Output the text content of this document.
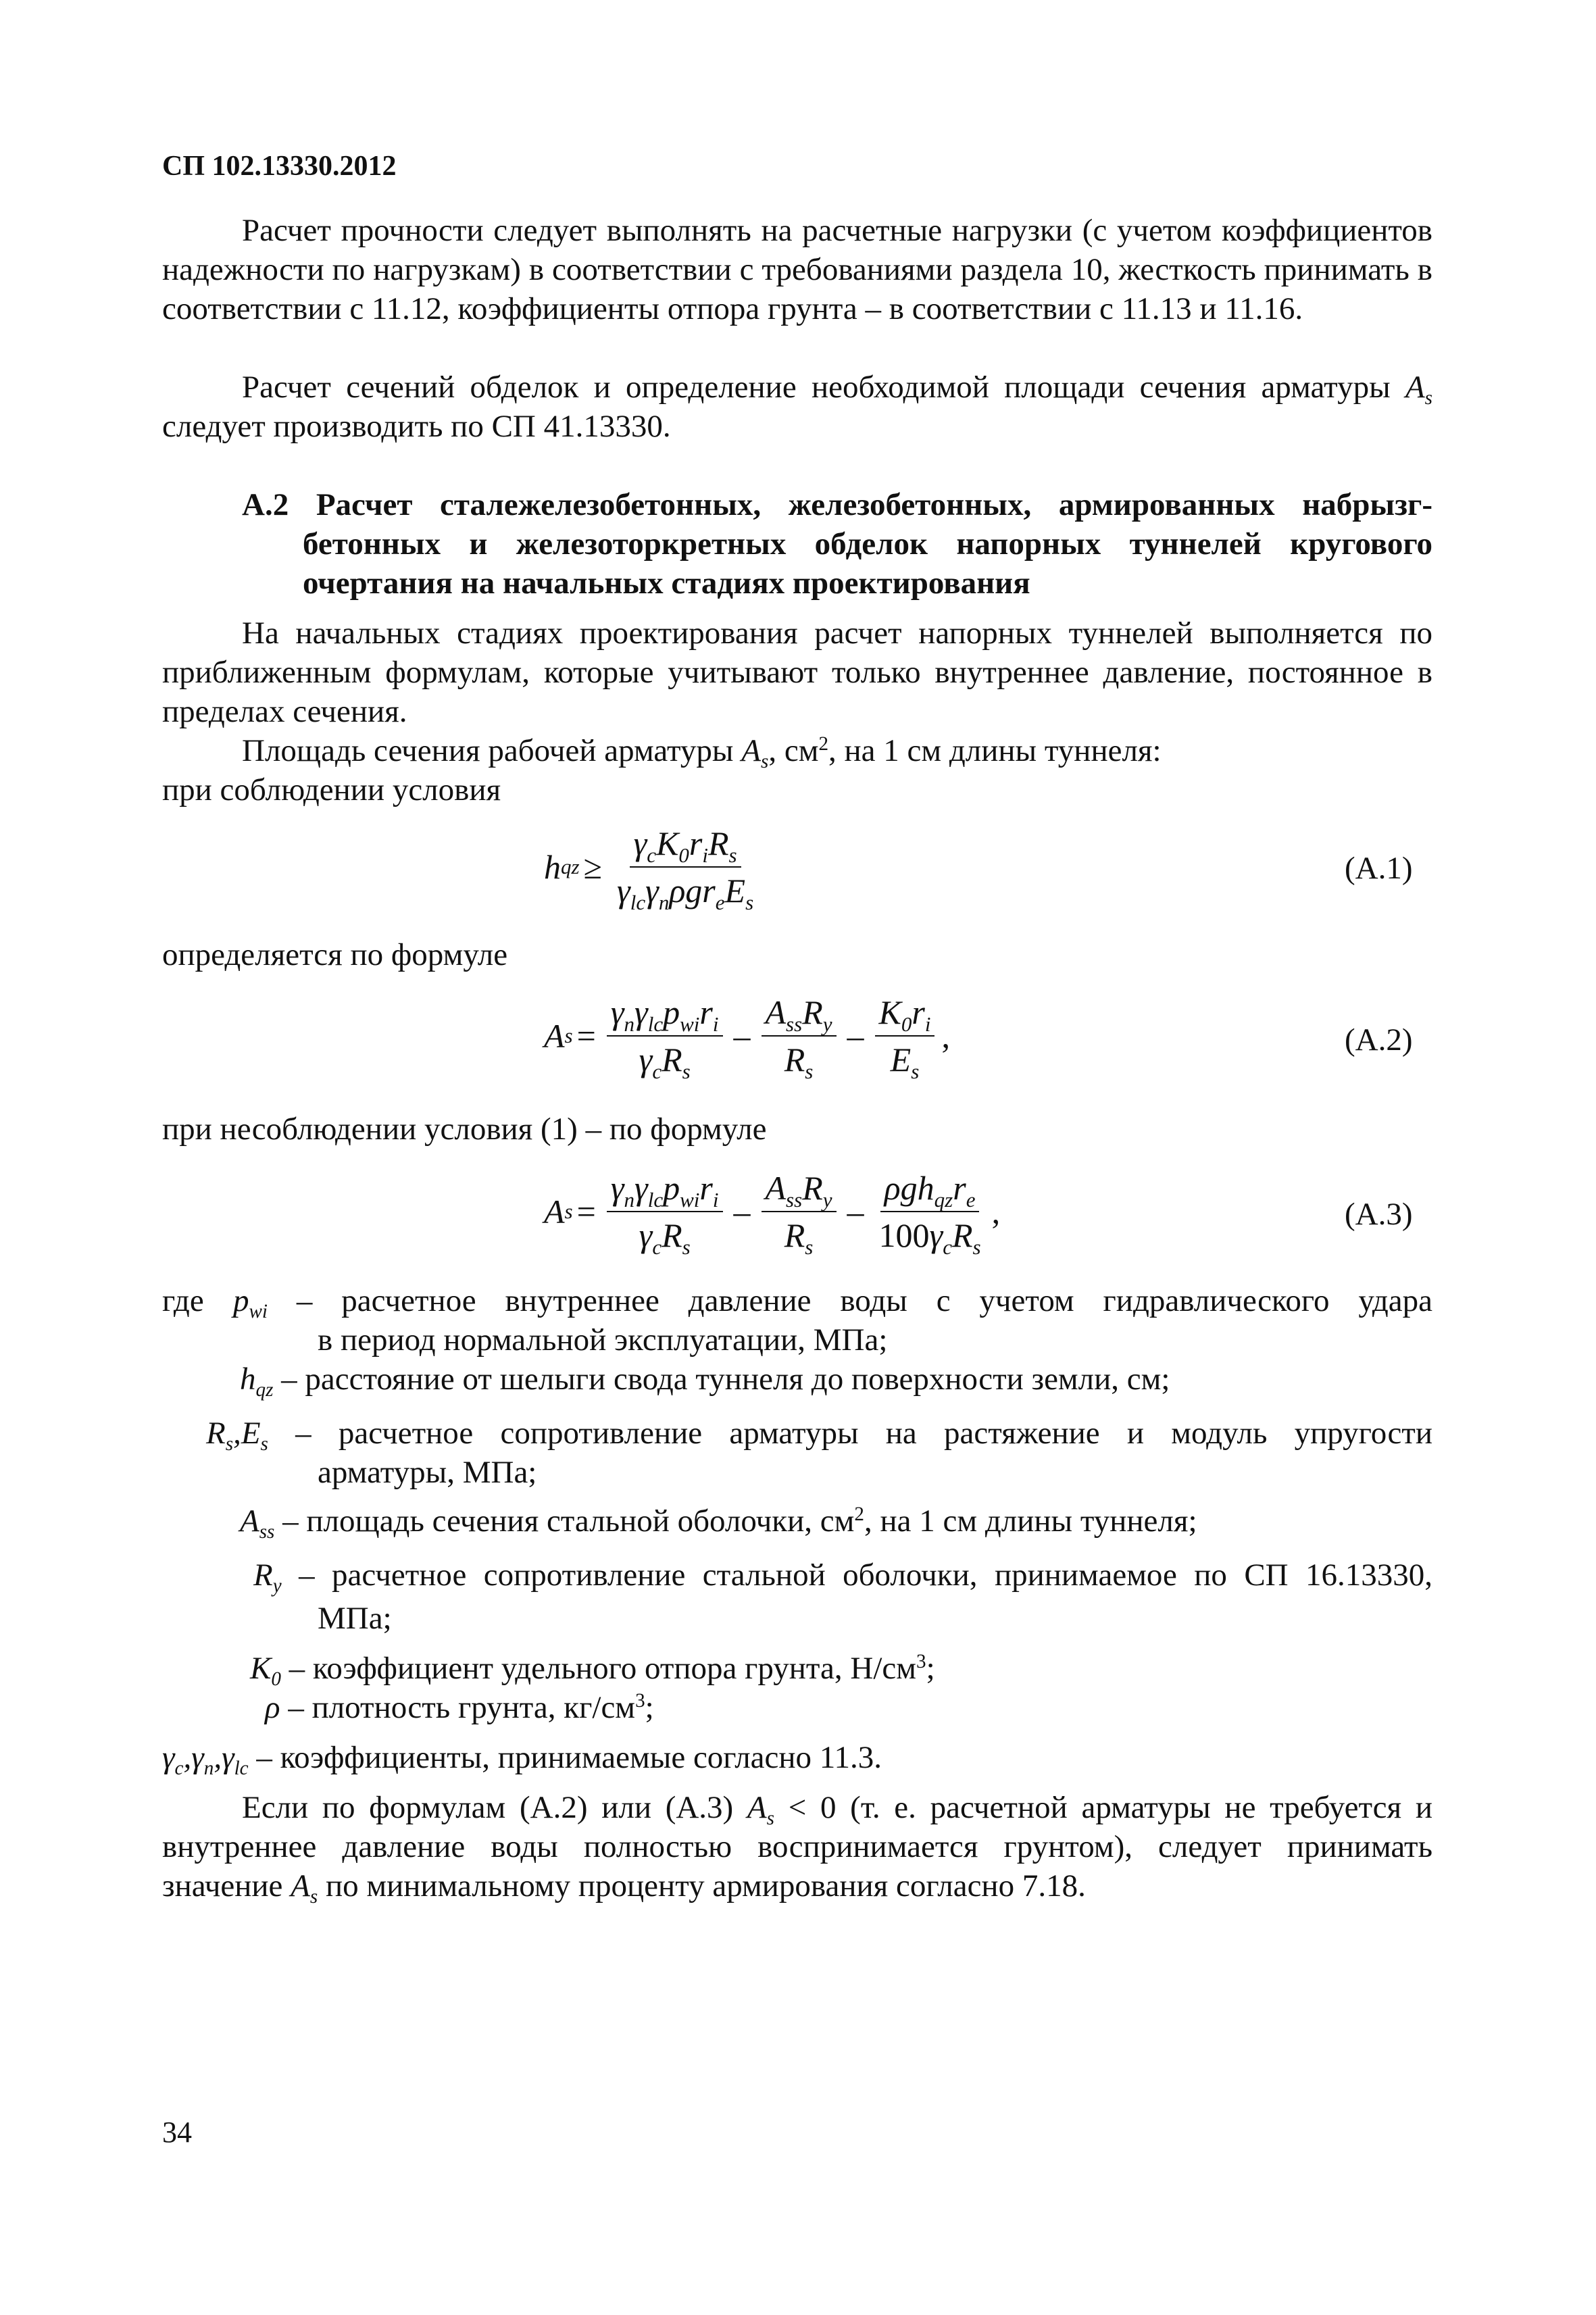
СП 102.13330.2012
Расчет прочности следует выполнять на расчетные нагрузки (с учетом коэффициентов надежности по нагрузкам) в соответствии с требованиями раздела 10, жесткость принимать в соответствии с 11.12, коэффициенты отпора грунта – в соответствии с 11.13 и 11.16.
Расчет сечений обделок и определение необходимой площади сечения арматуры $A_s$ следует производить по СП 41.13330.
А.2 Расчет сталежелезобетонных, железобетонных, армированных набрызг-
бетонных и железоторкретных обделок напорных туннелей кругового
очертания на начальных стадиях проектирования
На начальных стадиях проектирования расчет напорных туннелей выполняется по приближенным формулам, которые учитывают только внутреннее давление, постоянное в пределах сечения.
Площадь сечения рабочей арматуры $A_s$, $см^2$, на 1 см длины туннеля:
при соблюдении условия
h qz ≥ $\frac{\gamma_cK_0r_iR_s}{\gamma_{lc}\gamma_n\rho gr_eE_s}$	(А.1)
определяется по формуле
A $s = \frac{\gamma_n\gamma_{lc}p_{wi}r_i}{\gamma_cR_s} - \frac{A_{ss}R_y}{R_s} - \frac{K_0r_i}{E_s}$ ,	(А.2)
при несоблюдении условия (1) – по формуле
A $s = \frac{\gamma_n\gamma_{lc}p_{wi}r_i}{\gamma_cR_s} - \frac{A_{ss}R_y}{R_s} - \frac{\rho gh_{qz}r_e}{100\gamma_cR_s}$ ,	(А.3)
где $p_{wi}$ – расчетное внутреннее давление воды с учетом гидравлического удара
в период нормальной эксплуатации, МПа;
$h_{qz}$ – расстояние от шелыги свода туннеля до поверхности земли, см;
$R_s,E_s$ – расчетное сопротивление арматуры на растяжение и модуль упругости
арматуры, МПа;
$A_{ss}$ – площадь сечения стальной оболочки, $см^2$, на 1 см длины туннеля;
$R_y$ – расчетное сопротивление стальной оболочки, принимаемое по СП 16.13330,
МПа;
$K_0$ – коэффициент удельного отпора грунта, $Н/см^3$;
ρ – плотность грунта, $кг/см^3$;
$\gamma_c,\gamma_n,\gamma_{lc}$ – коэффициенты, принимаемые согласно 11.3.
Если по формулам (А.2) или (А.3) $A_s < 0$ (т. е. расчетной арматуры не требуется и внутреннее давление воды полностью воспринимается грунтом), следует принимать значение $A_s$ по минимальному проценту армирования согласно 7.18.
34
